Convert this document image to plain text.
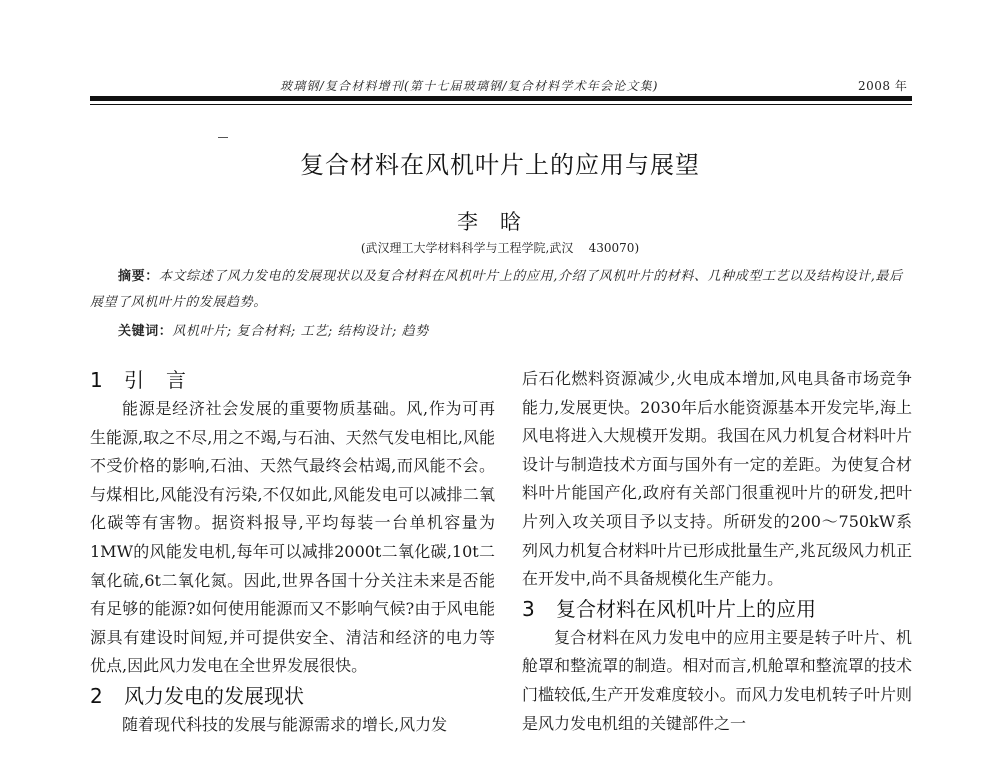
玻璃钢/复合材料增刊(第十七届玻璃钢/复合材料学术年会论文集)	2008 年
复合材料在风机叶片上的应用与展望
李晗
(武汉理工大学材料科学与工程学院,武汉    430070)
摘要：本文综述了风力发电的发展现状以及复合材料在风机叶片上的应用,介绍了风机叶片的材料、几种成型工艺以及结构设计,最后展望了风机叶片的发展趋势。
关键词：风机叶片; 复合材料; 工艺; 结构设计; 趋势
1 引言

能源是经济社会发展的重要物质基础。风,作为可再生能源,取之不尽,用之不竭,与石油、天然气发电相比,风能不受价格的影响,石油、天然气最终会枯竭,而风能不会。与煤相比,风能没有污染,不仅如此,风能发电可以减排二氧化碳等有害物。据资料报导,平均每装一台单机容量为1MW的风能发电机,每年可以减排2000t二氧化碳,10t二氧化硫,6t二氧化氮。因此,世界各国十分关注未来是否能有足够的能源?如何使用能源而又不影响气候?由于风电能源具有建设时间短,并可提供安全、清洁和经济的电力等优点,因此风力发电在全世界发展很快。

2 风力发电的发展现状

随着现代科技的发展与能源需求的增长,风力发

后石化燃料资源减少,火电成本增加,风电具备市场竞争能力,发展更快。2030年后水能资源基本开发完毕,海上风电将进入大规模开发期。我国在风力机复合材料叶片设计与制造技术方面与国外有一定的差距。为使复合材料叶片能国产化,政府有关部门很重视叶片的研发,把叶片列入攻关项目予以支持。所研发的200～750kW系列风力机复合材料叶片已形成批量生产,兆瓦级风力机正在开发中,尚不具备规模化生产能力。

3 复合材料在风机叶片上的应用

复合材料在风力发电中的应用主要是转子叶片、机舱罩和整流罩的制造。相对而言,机舱罩和整流罩的技术门槛较低,生产开发难度较小。而风力发电机转子叶片则是风力发电机组的关键部件之一
